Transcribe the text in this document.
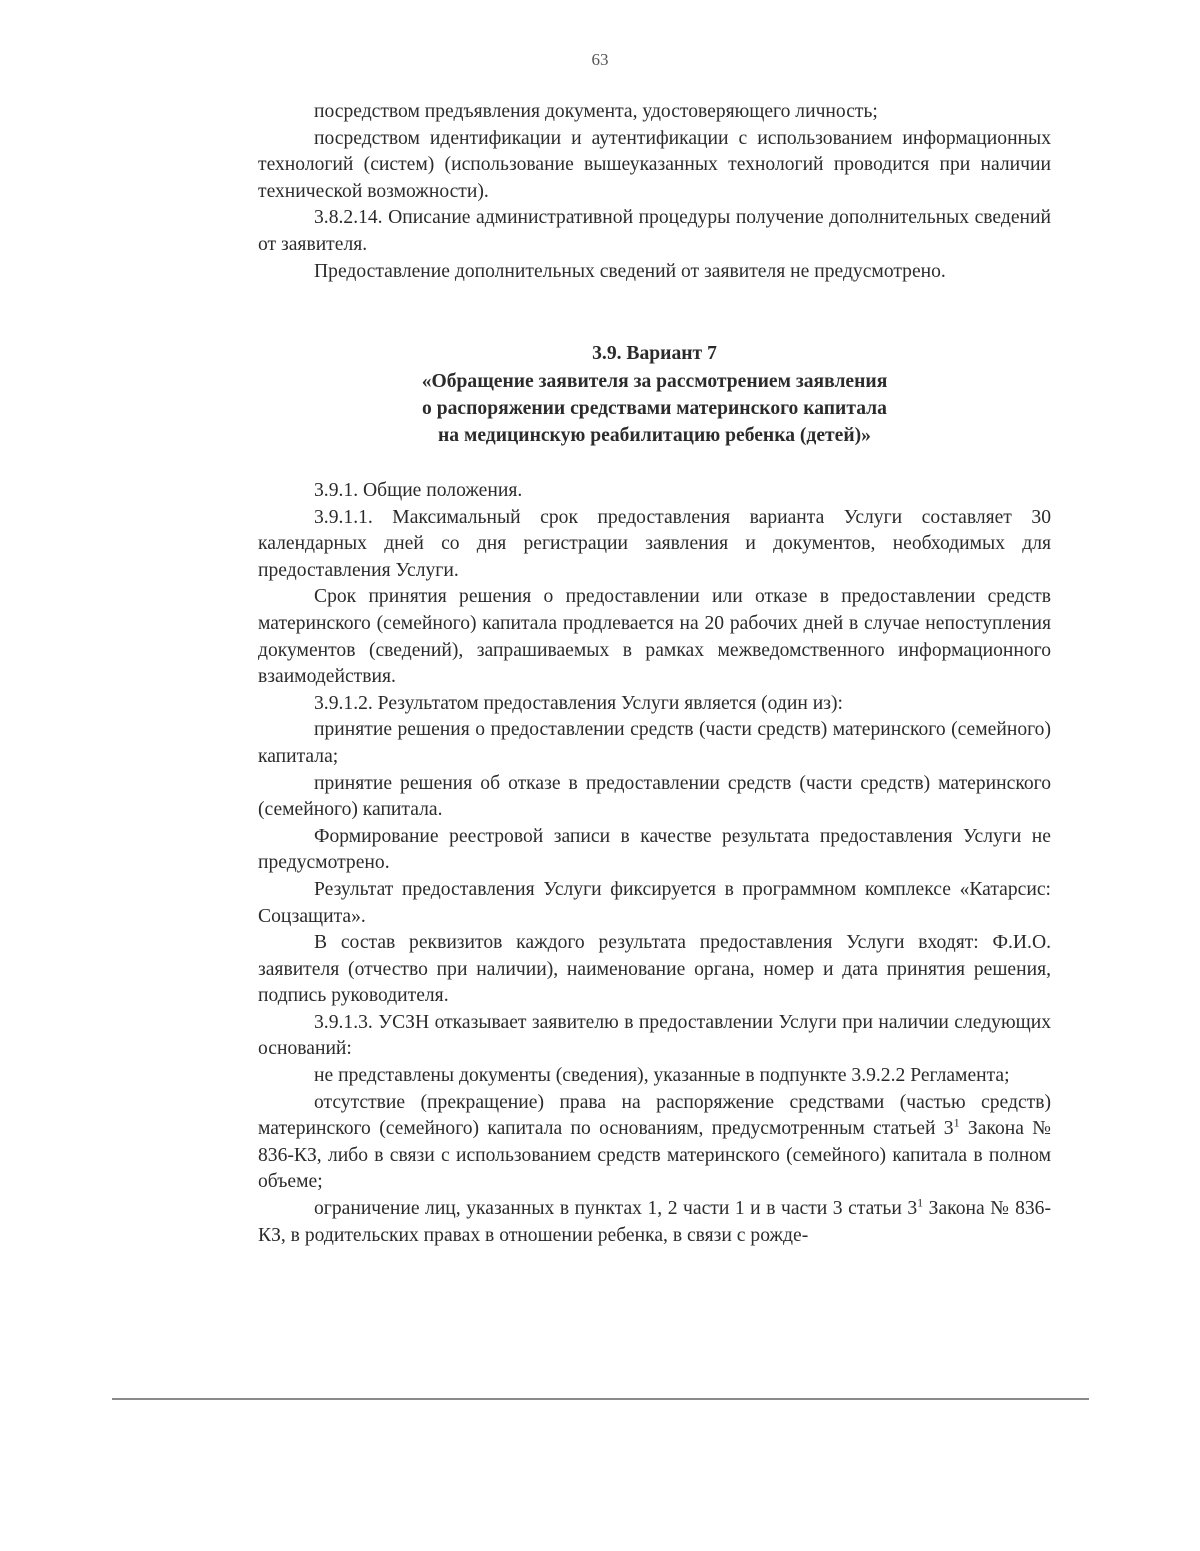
63

посредством предъявления документа, удостоверяющего личность;

посредством идентификации и аутентификации с использованием информационных технологий (систем) (использование вышеуказанных технологий проводится при наличии технической возможности).

3.8.2.14. Описание административной процедуры получение дополнительных сведений от заявителя.

Предоставление дополнительных сведений от заявителя не предусмотрено.

3.9. Вариант 7
«Обращение заявителя за рассмотрением заявления
о распоряжении средствами материнского капитала
на медицинскую реабилитацию ребенка (детей)»

3.9.1. Общие положения.

3.9.1.1. Максимальный срок предоставления варианта Услуги составляет 30 календарных дней со дня регистрации заявления и документов, необходимых для предоставления Услуги.

Срок принятия решения о предоставлении или отказе в предоставлении средств материнского (семейного) капитала продлевается на 20 рабочих дней в случае непоступления документов (сведений), запрашиваемых в рамках межведомственного информационного взаимодействия.

3.9.1.2. Результатом предоставления Услуги является (один из):

принятие решения о предоставлении средств (части средств) материнского (семейного) капитала;

принятие решения об отказе в предоставлении средств (части средств) материнского (семейного) капитала.

Формирование реестровой записи в качестве результата предоставления Услуги не предусмотрено.

Результат предоставления Услуги фиксируется в программном комплексе «Катарсис: Соцзащита».

В состав реквизитов каждого результата предоставления Услуги входят: Ф.И.О. заявителя (отчество при наличии), наименование органа, номер и дата принятия решения, подпись руководителя.

3.9.1.3. УСЗН отказывает заявителю в предоставлении Услуги при наличии следующих оснований:

не представлены документы (сведения), указанные в подпункте 3.9.2.2 Регламента;

отсутствие (прекращение) права на распоряжение средствами (частью средств) материнского (семейного) капитала по основаниям, предусмотренным статьей $3^1$ Закона № 836-КЗ, либо в связи с использованием средств материнского (семейного) капитала в полном объеме;

ограничение лиц, указанных в пунктах 1, 2 части 1 и в части 3 статьи $3^1$ Закона № 836-КЗ, в родительских правах в отношении ребенка, в связи с рожде-
